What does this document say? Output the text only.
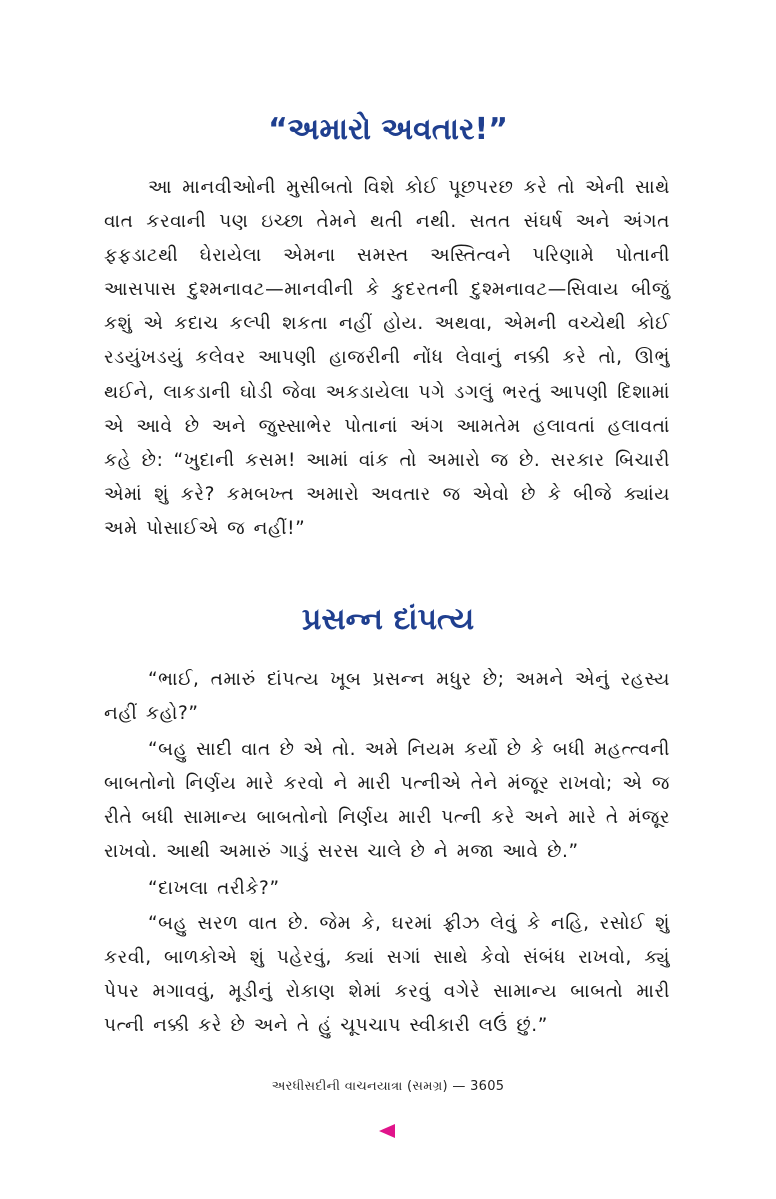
“અમારો અવતાર!”

આ માનવીઓની મુસીબતો વિશે કોઈ પૂછપરછ કરે તો એની સાથે વાત કરવાની પણ ઇચ્છા તેમને થતી નથી. સતત સંઘર્ષ અને અંગત ફફડાટથી ઘેરાયેલા એમના સમસ્ત અસ્તિત્વને પરિણામે પોતાની આસપાસ દુશ્મનાવટ—માનવીની કે કુદરતની દુશ્મનાવટ—સિવાય બીજું કશું એ કદાચ કલ્પી શકતા નહીં હોય. અથવા, એમની વચ્ચેથી કોઈ રડયુંખડયું કલેવર આપણી હાજરીની નોંધ લેવાનું નક્કી કરે તો, ઊભું થઈને, લાકડાની ઘોડી જેવા અકડાયેલા પગે ડગલું ભરતું આપણી દિશામાં એ આવે છે અને જુસ્સાભેર પોતાનાં અંગ આમતેમ હલાવતાં હલાવતાં કહે છે: “ખુદાની કસમ! આમાં વાંક તો અમારો જ છે. સરકાર બિચારી એમાં શું કરે? કમબખ્ત અમારો અવતાર જ એવો છે કે બીજે ક્યાંય અમે પોસાઈએ જ નહીં!”

પ્રસન્ન દાંપત્ય

“ભાઈ, તમારું દાંપત્ય ખૂબ પ્રસન્ન મધુર છે; અમને એનું રહસ્ય નહીં કહો?”

“બહુ સાદી વાત છે એ તો. અમે નિયમ કર્યો છે કે બધી મહત્ત્વની બાબતોનો નિર્ણય મારે કરવો ને મારી પત્નીએ તેને મંજૂર રાખવો; એ જ રીતે બધી સામાન્ય બાબતોનો નિર્ણય મારી પત્ની કરે અને મારે તે મંજૂર રાખવો. આથી અમારું ગાડું સરસ ચાલે છે ને મજા આવે છે.”

“દાખલા તરીકે?”

“બહુ સરળ વાત છે. જેમ કે, ઘરમાં ફ્રીઝ લેવું કે નહિ, રસોઈ શું કરવી, બાળકોએ શું પહેરવું, ક્યાં સગાં સાથે કેવો સંબંધ રાખવો, ક્યું પેપર મગાવવું, મૂડીનું રોકાણ શેમાં કરવું વગેરે સામાન્ય બાબતો મારી પત્ની નક્કી કરે છે અને તે હું ચૂપચાપ સ્વીકારી લઉં છું.”

અરધીસદીની વાચનયાત્રા (સમગ્ર) — 3605
